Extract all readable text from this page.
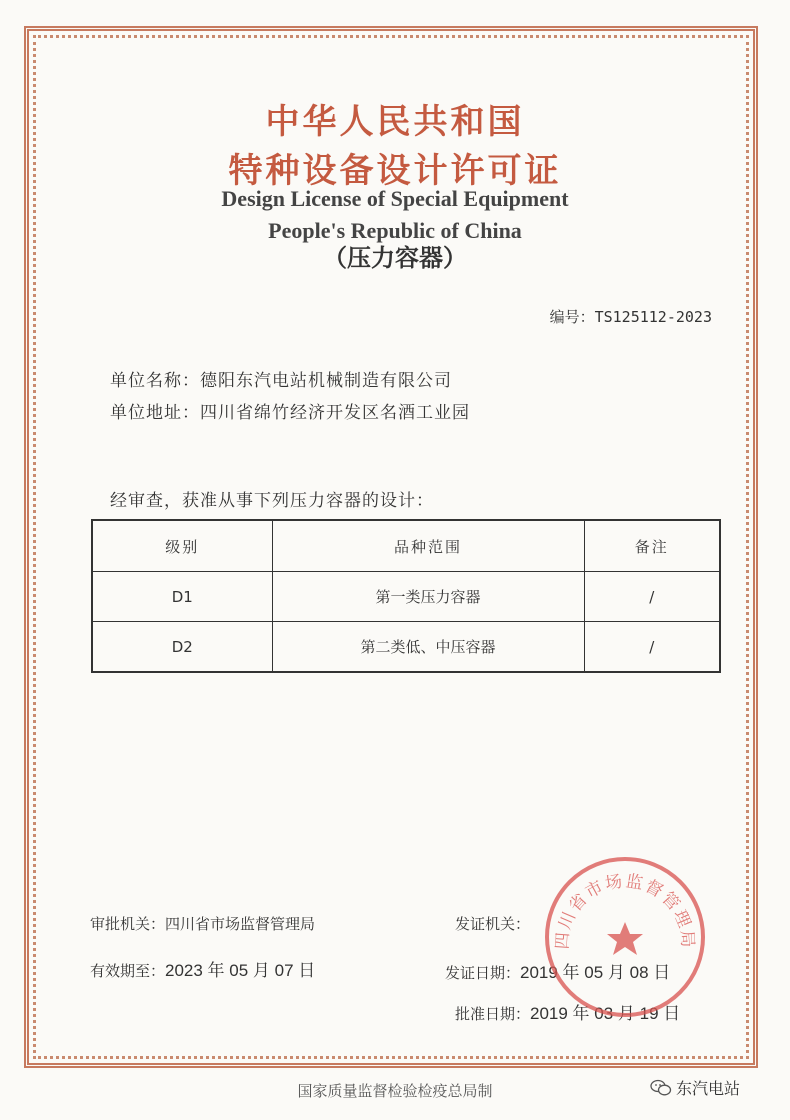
中华人民共和国
特种设备设计许可证
Design License of Special Equipment
People's Republic of China
（压力容器）
编号：TS125112-2023
单位名称：德阳东汽电站机械制造有限公司
单位地址：四川省绵竹经济开发区名酒工业园
经审查，获准从事下列压力容器的设计：
级别	品种范围	备注
D1	第一类压力容器	/
D2	第二类低、中压容器	/
审批机关：四川省市场监督管理局
有效期至：2023 年 05 月 07 日
发证机关：
发证日期：2019 年 05 月 08 日
批准日期：2019 年 03 月 19 日
四川省市场监督管理局
国家质量监督检验检疫总局制	东汽电站
